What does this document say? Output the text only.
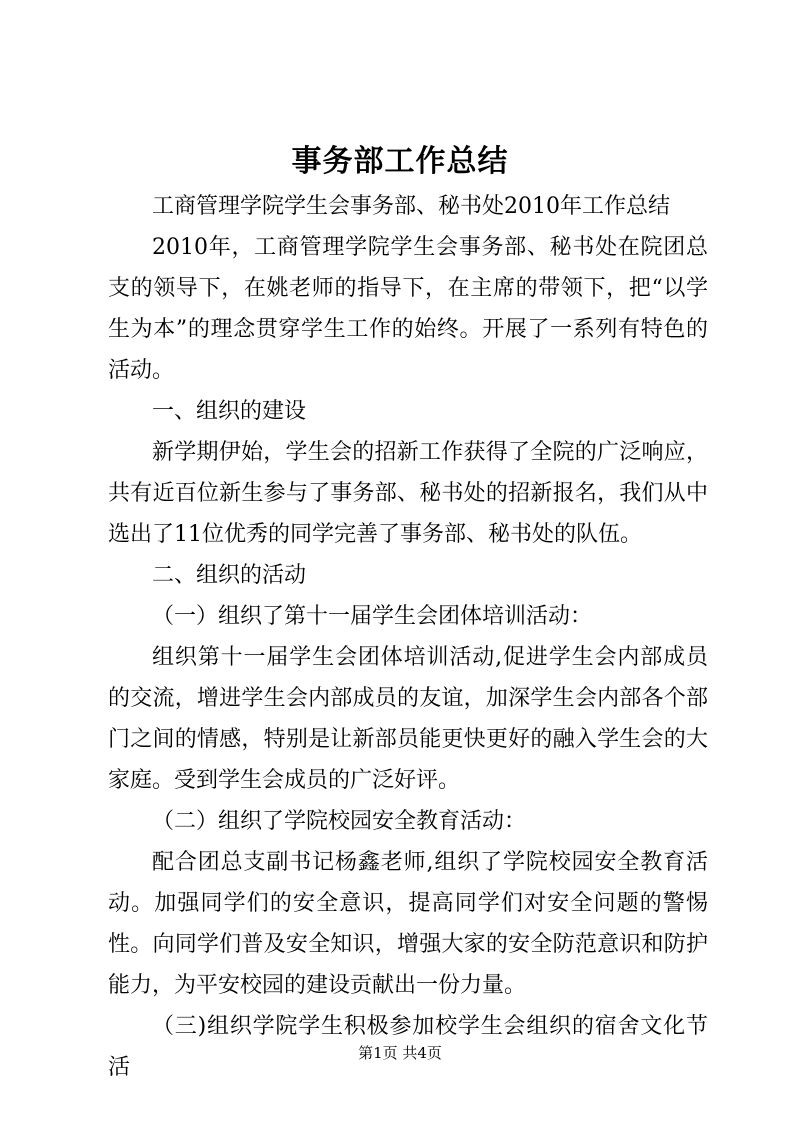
事务部工作总结

工商管理学院学生会事务部、秘书处2010年工作总结

2010年，工商管理学院学生会事务部、秘书处在院团总支的领导下，在姚老师的指导下，在主席的带领下，把“以学生为本”的理念贯穿学生工作的始终。开展了一系列有特色的活动。

一、组织的建设

新学期伊始，学生会的招新工作获得了全院的广泛响应，共有近百位新生参与了事务部、秘书处的招新报名，我们从中选出了11位优秀的同学完善了事务部、秘书处的队伍。

二、组织的活动

（一）组织了第十一届学生会团体培训活动：

组织第十一届学生会团体培训活动,促进学生会内部成员的交流，增进学生会内部成员的友谊，加深学生会内部各个部门之间的情感，特别是让新部员能更快更好的融入学生会的大家庭。受到学生会成员的广泛好评。

（二）组织了学院校园安全教育活动：

配合团总支副书记杨鑫老师,组织了学院校园安全教育活动。加强同学们的安全意识，提高同学们对安全问题的警惕性。向同学们普及安全知识，增强大家的安全防范意识和防护能力，为平安校园的建设贡献出一份力量。

（三)组织学院学生积极参加校学生会组织的宿舍文化节活

第1页 共4页
